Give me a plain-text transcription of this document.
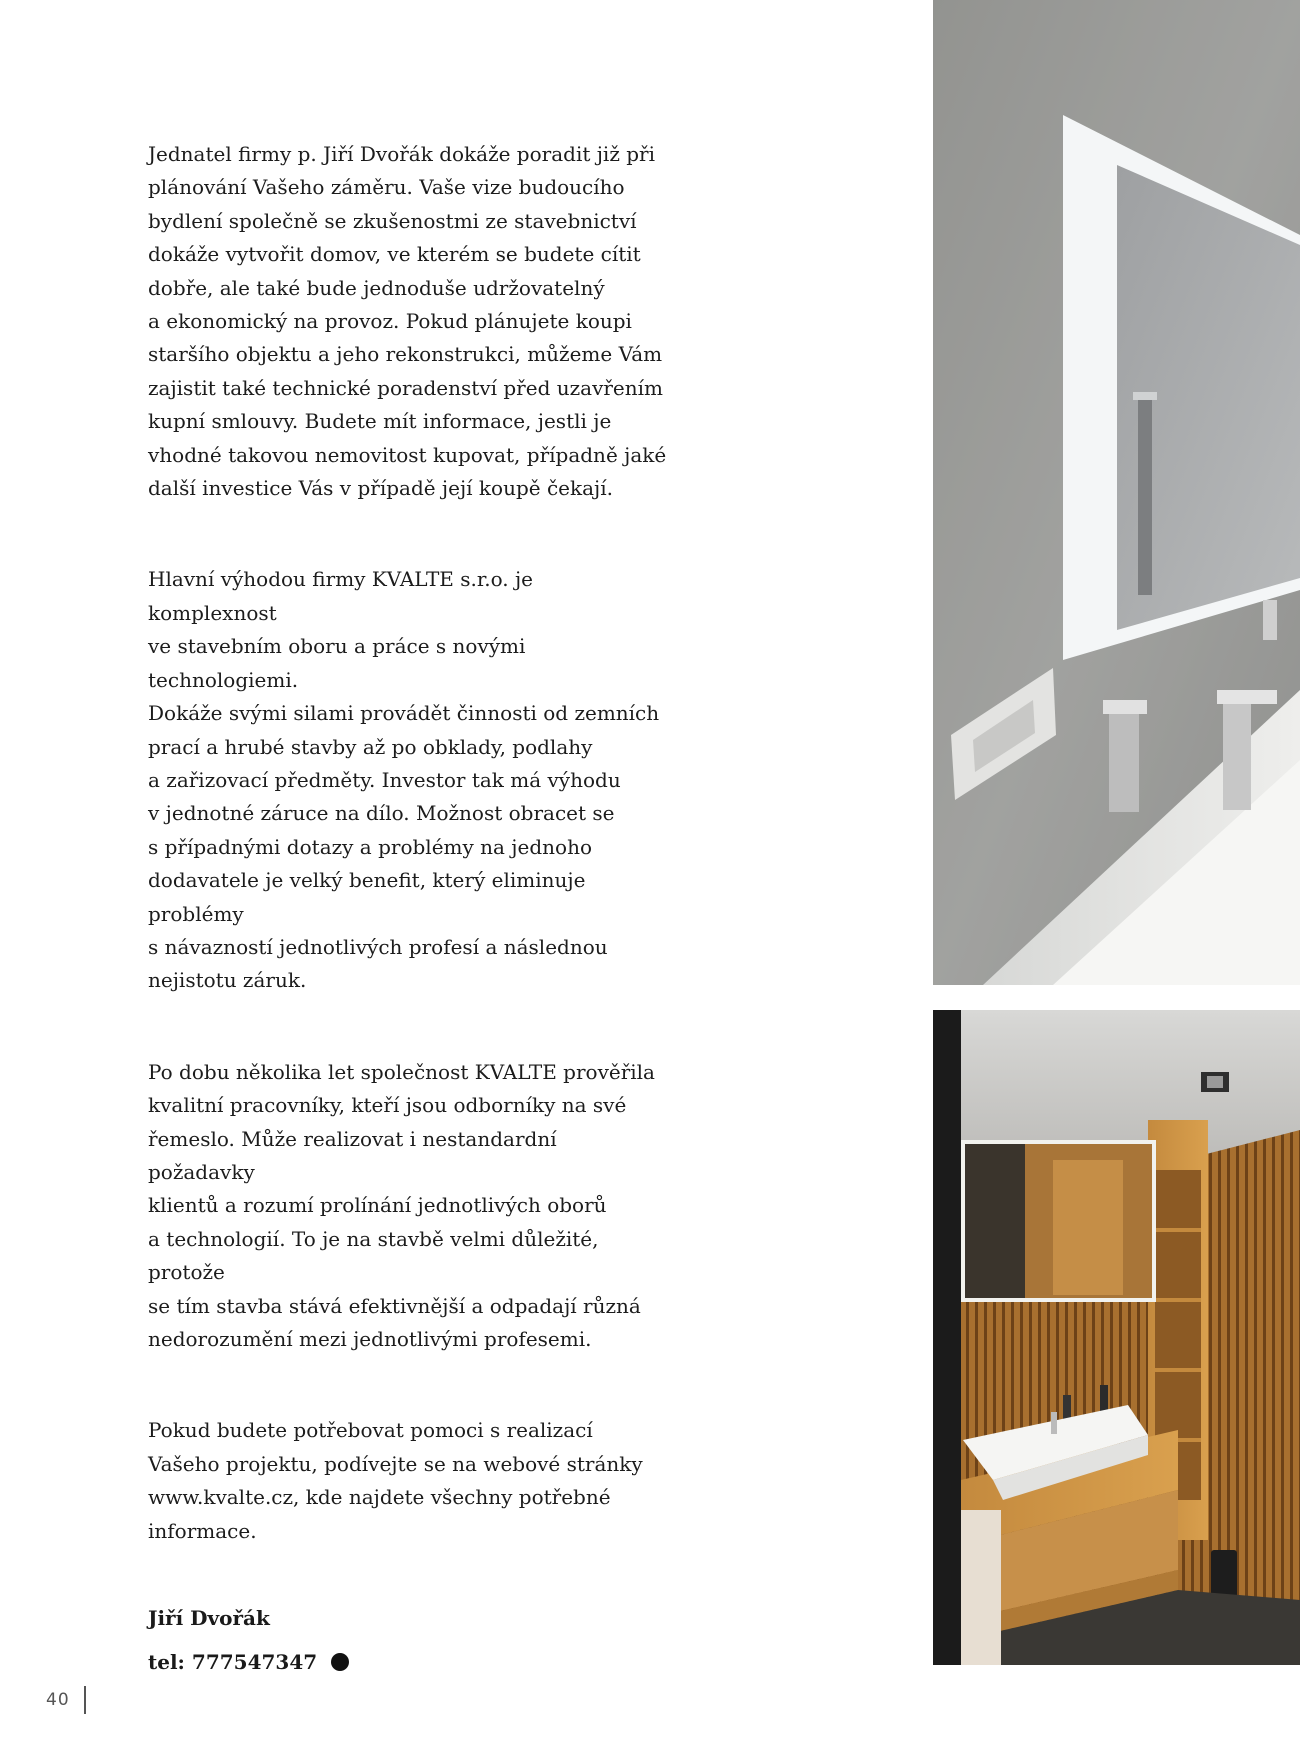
Jednatel firmy p. Jiří Dvořák dokáže poradit již při
plánování Vašeho záměru. Vaše vize budoucího
bydlení společně se zkušenostmi ze stavebnictví
dokáže vytvořit domov, ve kterém se budete cítit
dobře, ale také bude jednoduše udržovatelný
a ekonomický na provoz. Pokud plánujete koupi
staršího objektu a jeho rekonstrukci, můžeme Vám
zajistit také technické poradenství před uzavřením
kupní smlouvy. Budete mít informace, jestli je
vhodné takovou nemovitost kupovat, případně jaké
další investice Vás v případě její koupě čekají.

Hlavní výhodou firmy KVALTE s.r.o. je komplexnost
ve stavebním oboru a práce s novými technologiemi.
Dokáže svými silami provádět činnosti od zemních
prací a hrubé stavby až po obklady, podlahy
a zařizovací předměty. Investor tak má výhodu
v jednotné záruce na dílo. Možnost obracet se
s případnými dotazy a problémy na jednoho
dodavatele je velký benefit, který eliminuje problémy
s návazností jednotlivých profesí a následnou
nejistotu záruk.

Po dobu několika let společnost KVALTE prověřila
kvalitní pracovníky, kteří jsou odborníky na své
řemeslo. Může realizovat i nestandardní požadavky
klientů a rozumí prolínání jednotlivých oborů
a technologií. To je na stavbě velmi důležité, protože
se tím stavba stává efektivnější a odpadají různá
nedorozumění mezi jednotlivými profesemi.

Pokud budete potřebovat pomoci s realizací
Vašeho projektu, podívejte se na webové stránky
www.kvalte.cz, kde najdete všechny potřebné
informace.

Jiří Dvořák

tel: 777547347
40
